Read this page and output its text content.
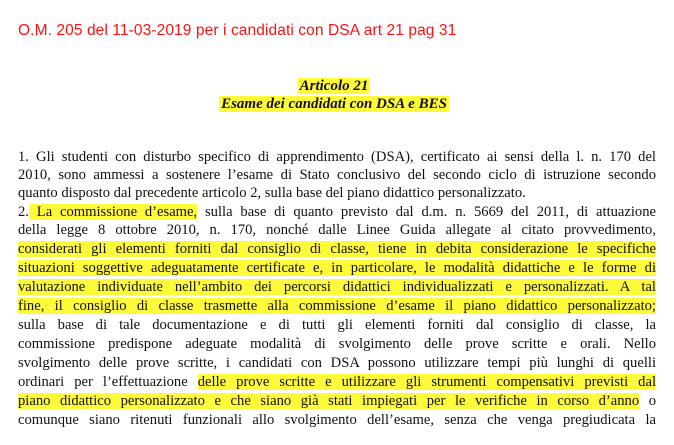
O.M. 205 del 11-03-2019 per i candidati con DSA art 21 pag 31
Articolo 21
Esame dei candidati con DSA e BES
1. Gli studenti con disturbo specifico di apprendimento (DSA), certificato ai sensi della l. n. 170 del
2010, sono ammessi a sostenere l’esame di Stato conclusivo del secondo ciclo di istruzione secondo
quanto disposto dal precedente articolo 2, sulla base del piano didattico personalizzato.
2. La commissione d’esame, sulla base di quanto previsto dal d.m. n. 5669 del 2011, di attuazione
della legge 8 ottobre 2010, n. 170, nonché dalle Linee Guida allegate al citato provvedimento,
considerati gli elementi forniti dal consiglio di classe, tiene in debita considerazione le specifiche
situazioni soggettive adeguatamente certificate e, in particolare, le modalità didattiche e le forme di
valutazione individuate nell’ambito dei percorsi didattici individualizzati e personalizzati. A tal
fine, il consiglio di classe trasmette alla commissione d’esame il piano didattico personalizzato;
sulla base di tale documentazione e di tutti gli elementi forniti dal consiglio di classe, la
commissione predispone adeguate modalità di svolgimento delle prove scritte e orali. Nello
svolgimento delle prove scritte, i candidati con DSA possono utilizzare tempi più lunghi di quelli
ordinari per l’effettuazione delle prove scritte e utilizzare gli strumenti compensativi previsti dal
piano didattico personalizzato e che siano già stati impiegati per le verifiche in corso d’anno o
comunque siano ritenuti funzionali allo svolgimento dell’esame, senza che venga pregiudicata la
